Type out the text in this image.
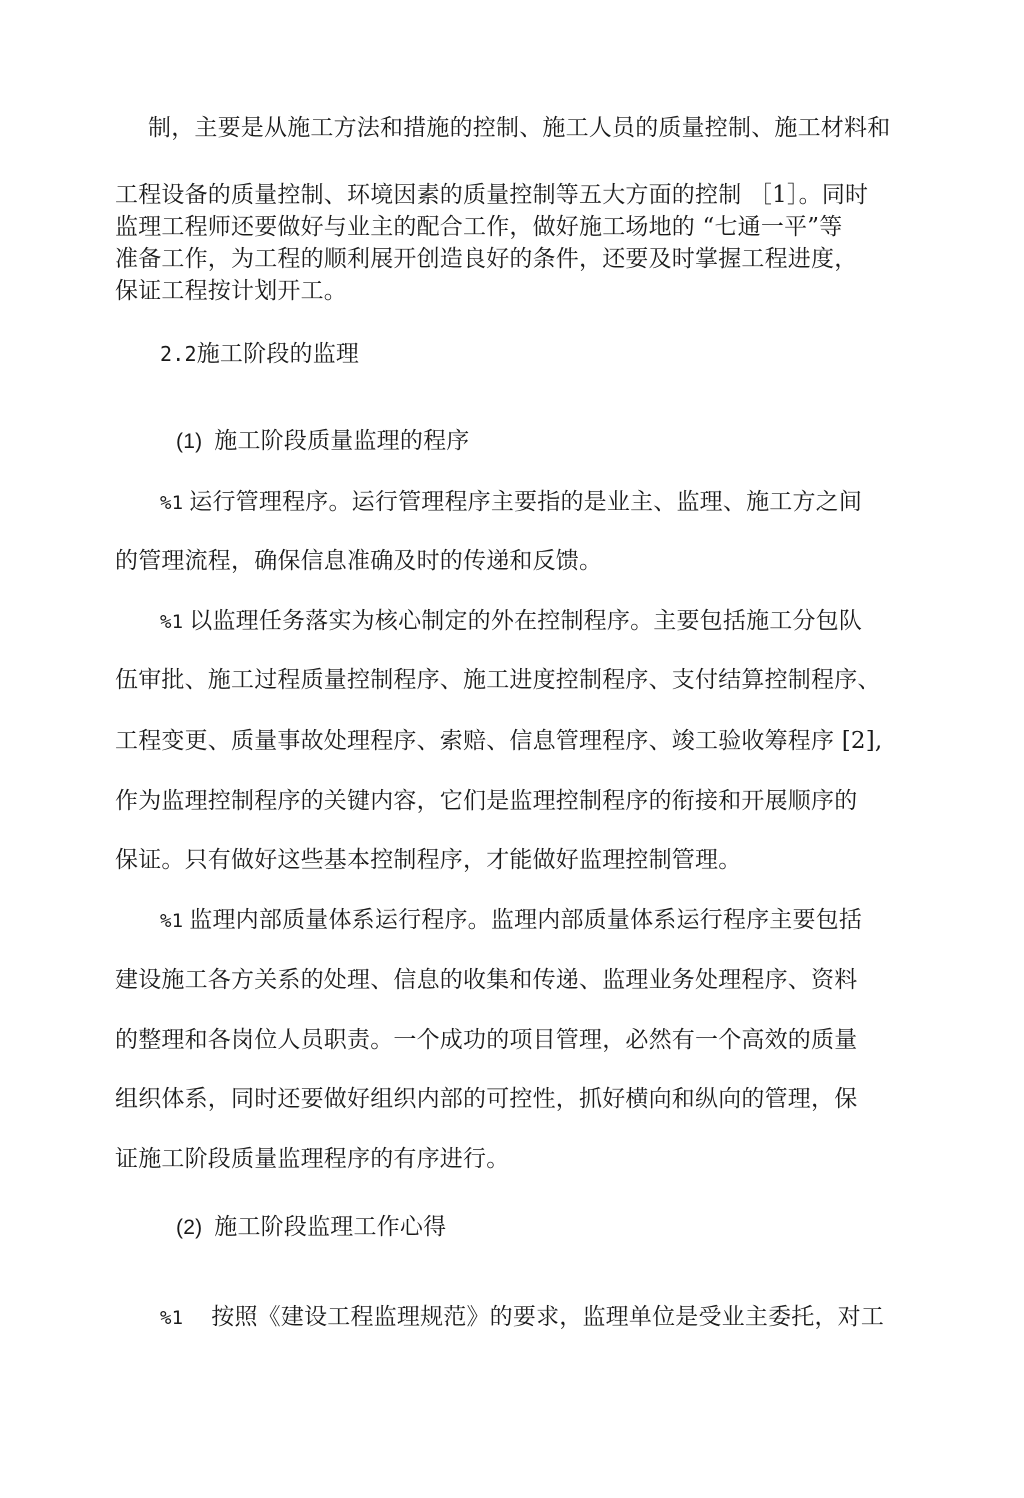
制，主要是从施工方法和措施的控制、施工人员的质量控制、施工材料和
工程设备的质量控制、环境因素的质量控制等五大方面的控制 ［1］。同时
监理工程师还要做好与业主的配合工作，做好施工场地的 “七通一平”等
准备工作，为工程的顺利展开创造良好的条件，还要及时掌握工程进度，
保证工程按计划开工。
2.2施工阶段的监理
(1) 施工阶段质量监理的程序
%1 运行管理程序。运行管理程序主要指的是业主、监理、施工方之间
的管理流程，确保信息准确及时的传递和反馈。
%1 以监理任务落实为核心制定的外在控制程序。主要包括施工分包队
伍审批、施工过程质量控制程序、施工进度控制程序、支付结算控制程序、
工程变更、质量事故处理程序、索赔、信息管理程序、竣工验收筹程序 [2],
作为监理控制程序的关键内容，它们是监理控制程序的衔接和开展顺序的
保证。只有做好这些基本控制程序，才能做好监理控制管理。
%1 监理内部质量体系运行程序。监理内部质量体系运行程序主要包括
建设施工各方关系的处理、信息的收集和传递、监理业务处理程序、资料
的整理和各岗位人员职责。一个成功的项目管理，必然有一个高效的质量
组织体系，同时还要做好组织内部的可控性，抓好横向和纵向的管理，保
证施工阶段质量监理程序的有序进行。
(2) 施工阶段监理工作心得
%1 按照《建设工程监理规范》的要求，监理单位是受业主委托，对工
